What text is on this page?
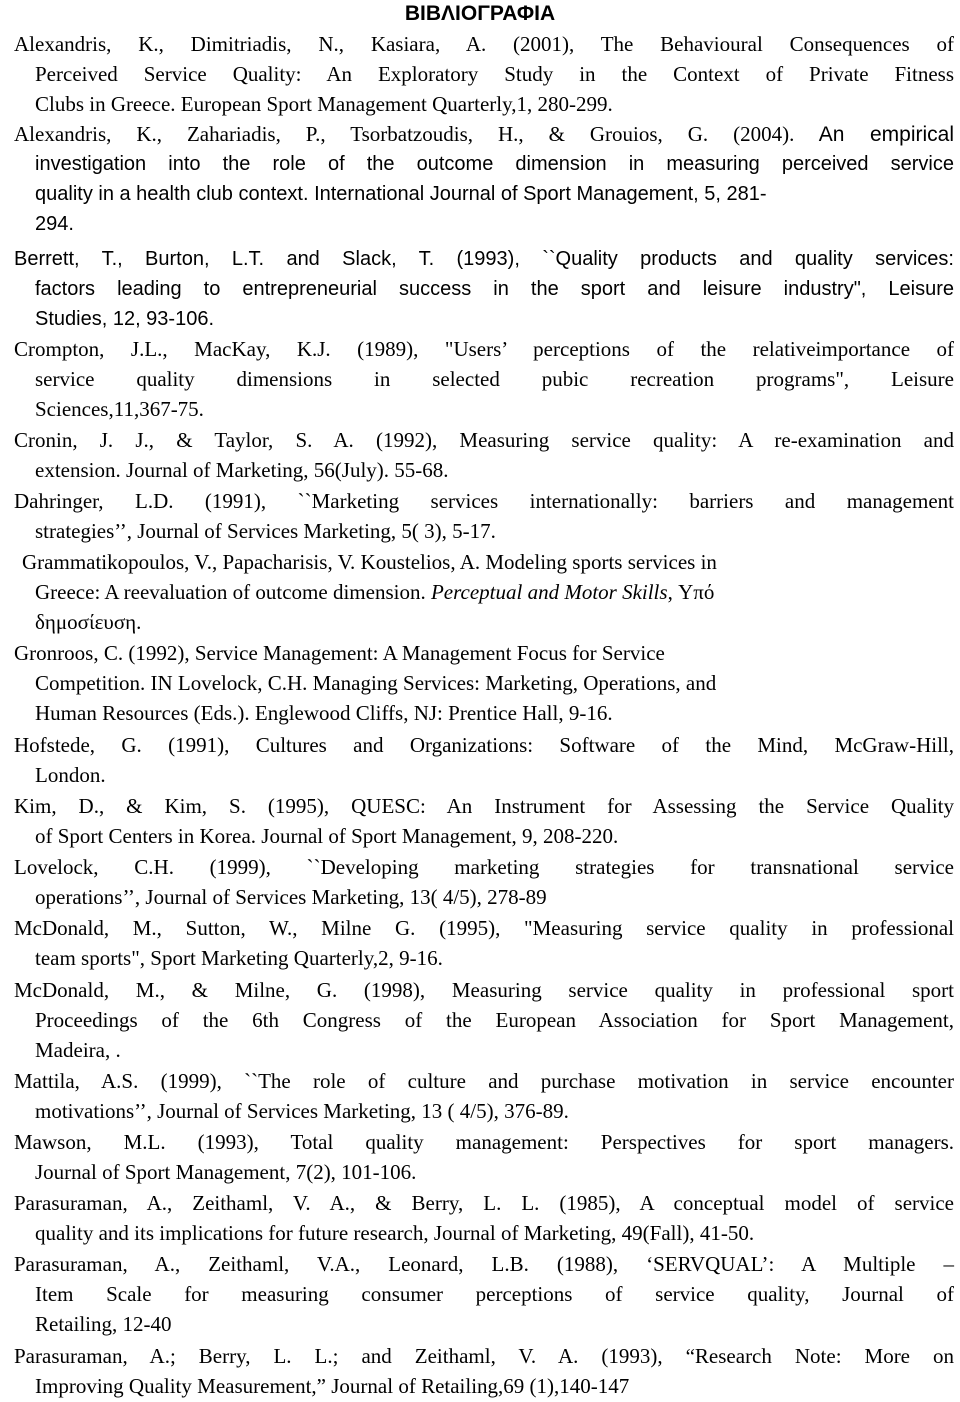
ΒΙΒΛΙΟΓΡΑΦΙΑ
Alexandris, K., Dimitriadis, N., Kasiara, A. (2001), The Behavioural Consequences of
Perceived Service Quality: An Exploratory Study in the Context of Private Fitness
Clubs in Greece. European Sport Management Quarterly,1, 280-299.
Alexandris, K., Zahariadis, P., Tsorbatzoudis, H., & Grouios, G. (2004). An empirical
investigation into the role of the outcome dimension in measuring perceived service
quality in a health club context. International Journal of Sport Management, 5, 281-
294.
Berrett, T., Burton, L.T. and Slack, T. (1993), ``Quality products and quality services:
factors leading to entrepreneurial success in the sport and leisure industry", Leisure
Studies, 12, 93-106.
Crompton, J.L., MacKay, K.J. (1989), "Users’ perceptions of the relativeimportance of
service quality dimensions in selected pubic recreation programs", Leisure
Sciences,11,367-75.
Cronin, J. J., & Taylor, S. A. (1992), Measuring service quality: A re-examination and
extension. Journal of Marketing, 56(July). 55-68.
Dahringer, L.D. (1991), ``Marketing services internationally: barriers and management
strategies’’, Journal of Services Marketing, 5( 3), 5-17.
Grammatikopoulos, V., Papacharisis, V. Koustelios, A. Modeling sports services in
Greece: A reevaluation of outcome dimension. Perceptual and Motor Skills, Υπό
δημοσίευση.
Gronroos, C. (1992), Service Management: A Management Focus for Service
Competition. IN Lovelock, C.H. Managing Services: Marketing, Operations, and
Human Resources (Eds.). Englewood Cliffs, NJ: Prentice Hall, 9-16.
Hofstede, G. (1991), Cultures and Organizations: Software of the Mind, McGraw-Hill,
London.
Kim, D., & Kim, S. (1995), QUESC: An Instrument for Assessing the Service Quality
of Sport Centers in Korea. Journal of Sport Management, 9, 208-220.
Lovelock, C.H. (1999), ``Developing marketing strategies for transnational service
operations’’, Journal of Services Marketing, 13( 4/5), 278-89
McDonald, M., Sutton, W., Milne G. (1995), "Measuring service quality in professional
team sports", Sport Marketing Quarterly,2, 9-16.
McDonald, M., & Milne, G. (1998), Measuring service quality in professional sport
Proceedings of the 6th Congress of the European Association for Sport Management,
Madeira, .
Mattila, A.S. (1999), ``The role of culture and purchase motivation in service encounter
motivations’’, Journal of Services Marketing, 13 ( 4/5), 376-89.
Mawson, M.L. (1993), Total quality management: Perspectives for sport managers.
Journal of Sport Management, 7(2), 101-106.
Parasuraman, A., Zeithaml, V. A., & Berry, L. L. (1985), A conceptual model of service
quality and its implications for future research, Journal of Marketing, 49(Fall), 41-50.
Parasuraman, A., Zeithaml, V.A., Leonard, L.B. (1988), ‘SERVQUAL’: A Multiple –
Item Scale for measuring consumer perceptions of service quality, Journal of
Retailing, 12-40
Parasuraman, A.; Berry, L. L.; and Zeithaml, V. A. (1993), “Research Note: More on
Improving Quality Measurement,” Journal of Retailing,69 (1),140-147
